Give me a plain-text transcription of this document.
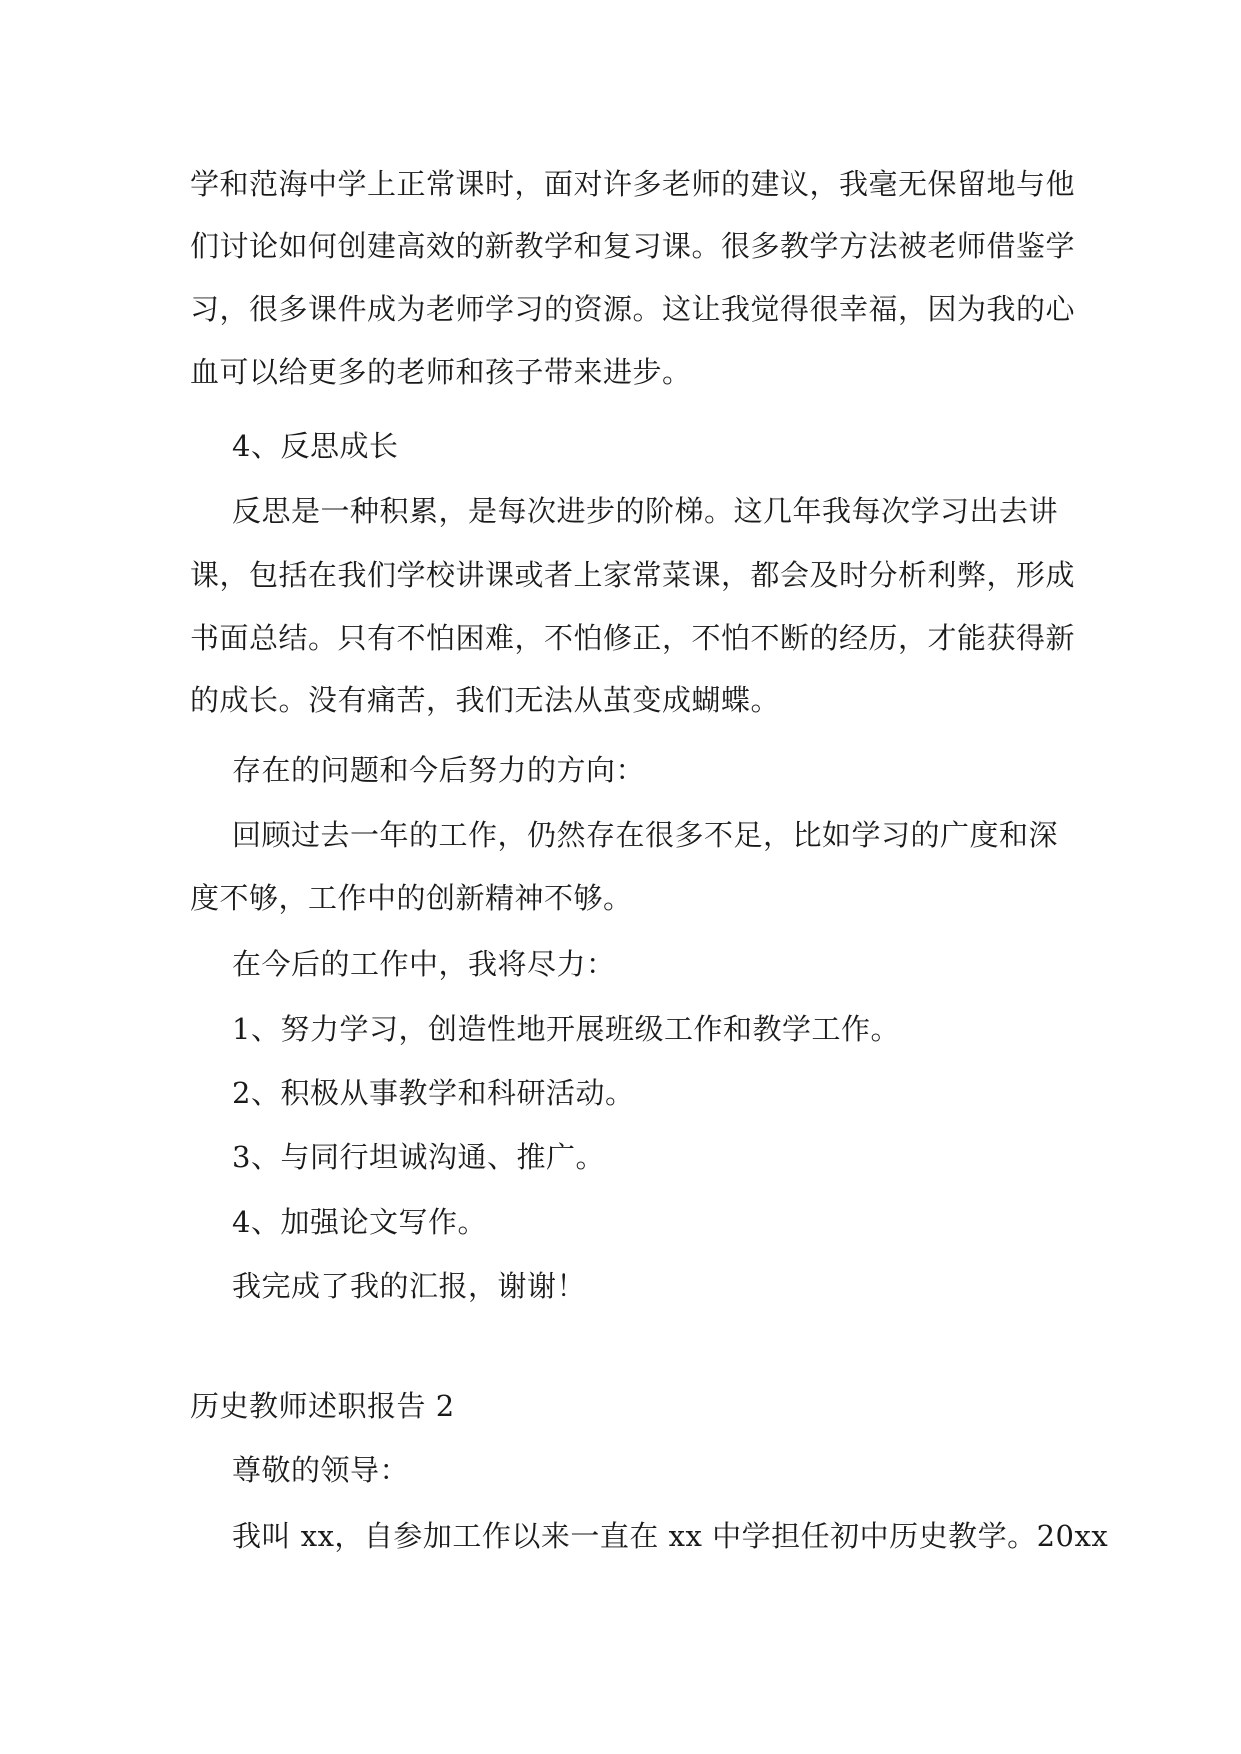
学和范海中学上正常课时，面对许多老师的建议，我毫无保留地与他
们讨论如何创建高效的新教学和复习课。很多教学方法被老师借鉴学
习，很多课件成为老师学习的资源。这让我觉得很幸福，因为我的心
血可以给更多的老师和孩子带来进步。
4、反思成长
反思是一种积累，是每次进步的阶梯。这几年我每次学习出去讲
课，包括在我们学校讲课或者上家常菜课，都会及时分析利弊，形成
书面总结。只有不怕困难，不怕修正，不怕不断的经历，才能获得新
的成长。没有痛苦，我们无法从茧变成蝴蝶。
存在的问题和今后努力的方向：
回顾过去一年的工作，仍然存在很多不足，比如学习的广度和深
度不够，工作中的创新精神不够。
在今后的工作中，我将尽力：
1、努力学习，创造性地开展班级工作和教学工作。
2、积极从事教学和科研活动。
3、与同行坦诚沟通、推广。
4、加强论文写作。
我完成了我的汇报，谢谢！
历史教师述职报告 2
尊敬的领导：
我叫 xx，自参加工作以来一直在 xx 中学担任初中历史教学。20xx
